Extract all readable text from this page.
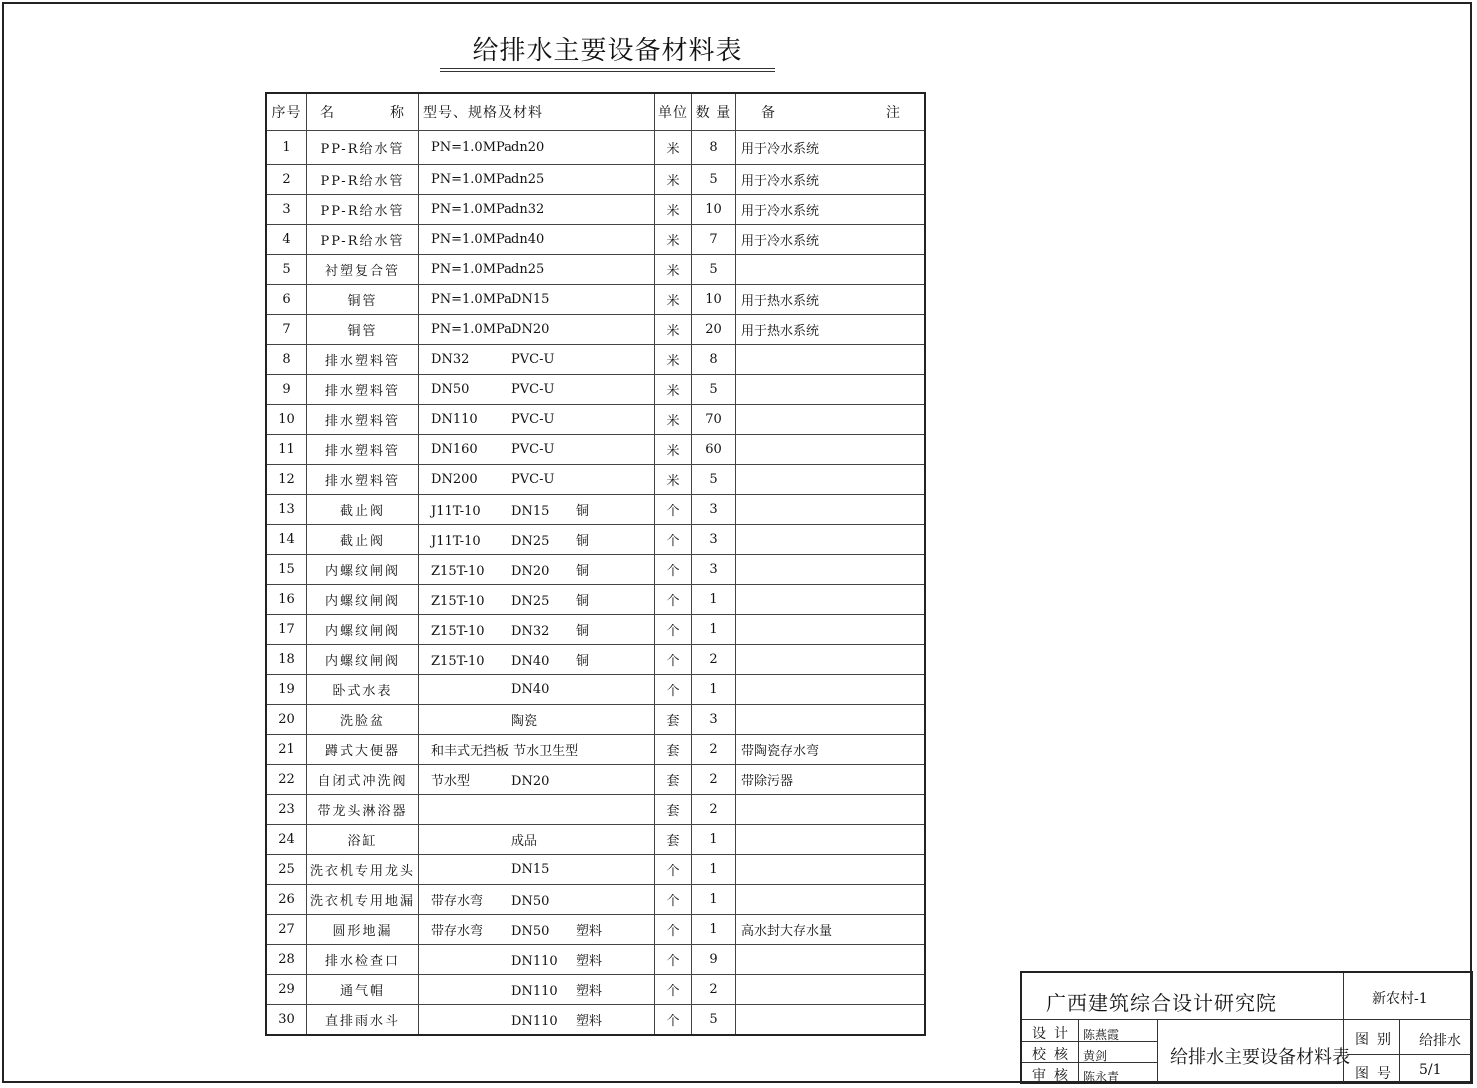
给排水主要设备材料表
序号	名 称	型号、规格及材料	单位	数 量	备 注
1	PP-R给水管	PN=1.0MPadn20	米	8	用于冷水系统
2	PP-R给水管	PN=1.0MPadn25	米	5	用于冷水系统
3	PP-R给水管	PN=1.0MPadn32	米	10	用于冷水系统
4	PP-R给水管	PN=1.0MPadn40	米	7	用于冷水系统
5	衬塑复合管	PN=1.0MPadn25	米	5	
6	铜管	PN=1.0MPaDN15	米	10	用于热水系统
7	铜管	PN=1.0MPaDN20	米	20	用于热水系统
8	排水塑料管	DN32 PVC-U	米	8	
9	排水塑料管	DN50 PVC-U	米	5	
10	排水塑料管	DN110 PVC-U	米	70	
11	排水塑料管	DN160 PVC-U	米	60	
12	排水塑料管	DN200 PVC-U	米	5	
13	截止阀	J11T-10 DN15 铜	个	3	
14	截止阀	J11T-10 DN25 铜	个	3	
15	内螺纹闸阀	Z15T-10 DN20 铜	个	3	
16	内螺纹闸阀	Z15T-10 DN25 铜	个	1	
17	内螺纹闸阀	Z15T-10 DN32 铜	个	1	
18	内螺纹闸阀	Z15T-10 DN40 铜	个	2	
19	卧式水表	DN40	个	1	
20	洗脸盆	陶瓷	套	3	
21	蹲式大便器	和丰式无挡板 节水卫生型	套	2	带陶瓷存水弯
22	自闭式冲洗阀	节水型 DN20	套	2	带除污器
23	带龙头淋浴器		套	2	
24	浴缸	成品	套	1	
25	洗衣机专用龙头	DN15	个	1	
26	洗衣机专用地漏	带存水弯 DN50	个	1	
27	圆形地漏	带存水弯 DN50 塑料	个	1	高水封大存水量
28	排水检查口	DN110 塑料	个	9	
29	通气帽	DN110 塑料	个	2	
30	直排雨水斗	DN110 塑料	个	5	
广西建筑综合设计研究院	新农村-1
给排水主要设备材料表
设计 陈燕霞
校核 黄剑
审核 陈永青
图别 给排水
图号 5/1
